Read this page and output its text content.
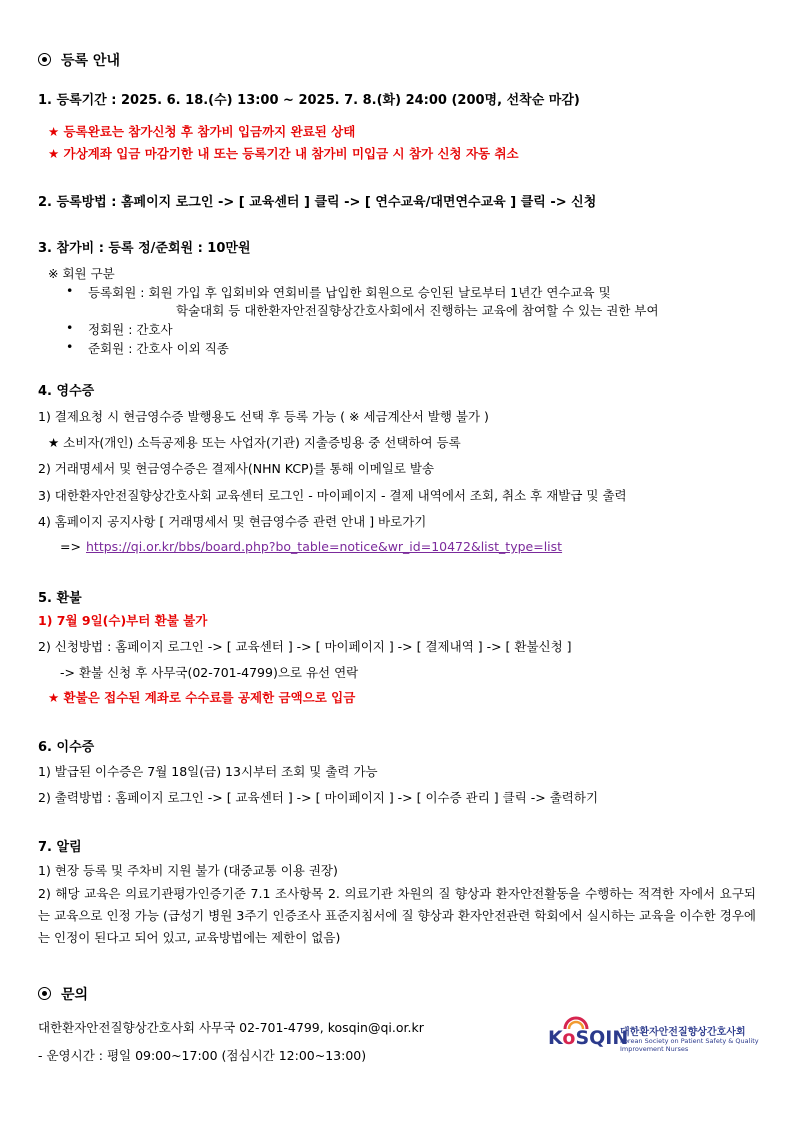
등록 안내
1. 등록기간 : 2025. 6. 18.(수) 13:00 ~ 2025. 7. 8.(화) 24:00 (200명, 선착순 마감)
★ 등록완료는 참가신청 후 참가비 입금까지 완료된 상태
★ 가상계좌 입금 마감기한 내 또는 등록기간 내 참가비 미입금 시 참가 신청 자동 취소
2. 등록방법 : 홈페이지 로그인 -> [ 교육센터 ] 클릭 -> [ 연수교육/대면연수교육 ] 클릭 -> 신청
3. 참가비 : 등록 정/준회원 : 10만원
※ 회원 구분
• 등록회원 : 회원 가입 후 입회비와 연회비를 납입한 회원으로 승인된 날로부터 1년간 연수교육 및
학술대회 등 대한환자안전질향상간호사회에서 진행하는 교육에 참여할 수 있는 권한 부여
• 정회원 : 간호사
• 준회원 : 간호사 이외 직종
4. 영수증
1) 결제요청 시 현금영수증 발행용도 선택 후 등록 가능 ( ※ 세금계산서 발행 불가 )
★ 소비자(개인) 소득공제용 또는 사업자(기관) 지출증빙용 중 선택하여 등록
2) 거래명세서 및 현금영수증은 결제사(NHN KCP)를 통해 이메일로 발송
3) 대한환자안전질향상간호사회 교육센터 로그인 - 마이페이지 - 결제 내역에서 조회, 취소 후 재발급 및 출력
4) 홈페이지 공지사항 [ 거래명세서 및 현금영수증 관련 안내 ] 바로가기
=> https://qi.or.kr/bbs/board.php?bo_table=notice&wr_id=10472&list_type=list
5. 환불
1) 7월 9일(수)부터 환불 불가
2) 신청방법 : 홈페이지 로그인 -> [ 교육센터 ] -> [ 마이페이지 ] -> [ 결제내역 ] -> [ 환불신청 ]
-> 환불 신청 후 사무국(02-701-4799)으로 유선 연락
★ 환불은 접수된 계좌로 수수료를 공제한 금액으로 입금
6. 이수증
1) 발급된 이수증은 7월 18일(금) 13시부터 조회 및 출력 가능
2) 출력방법 : 홈페이지 로그인 -> [ 교육센터 ] -> [ 마이페이지 ] -> [ 이수증 관리 ] 클릭 -> 출력하기
7. 알림
1) 현장 등록 및 주차비 지원 불가 (대중교통 이용 권장)
2) 해당 교육은 의료기관평가인증기준 7.1 조사항목 2. 의료기관 차원의 질 향상과 환자안전활동을 수행하는 적격한 자에서 요구되는 교육으로 인정 가능 (급성기 병원 3주기 인증조사 표준지침서에 질 향상과 환자안전관련 학회에서 실시하는 교육을 이수한 경우에는 인정이 된다고 되어 있고, 교육방법에는 제한이 없음)
문의
대한환자안전질향상간호사회 사무국 02-701-4799, kosqin@qi.or.kr
- 운영시간 : 평일 09:00~17:00 (점심시간 12:00~13:00)
KoSQIN
대한환자안전질향상간호사회
Korean Society on Patient Safety & Quality
Improvement Nurses
